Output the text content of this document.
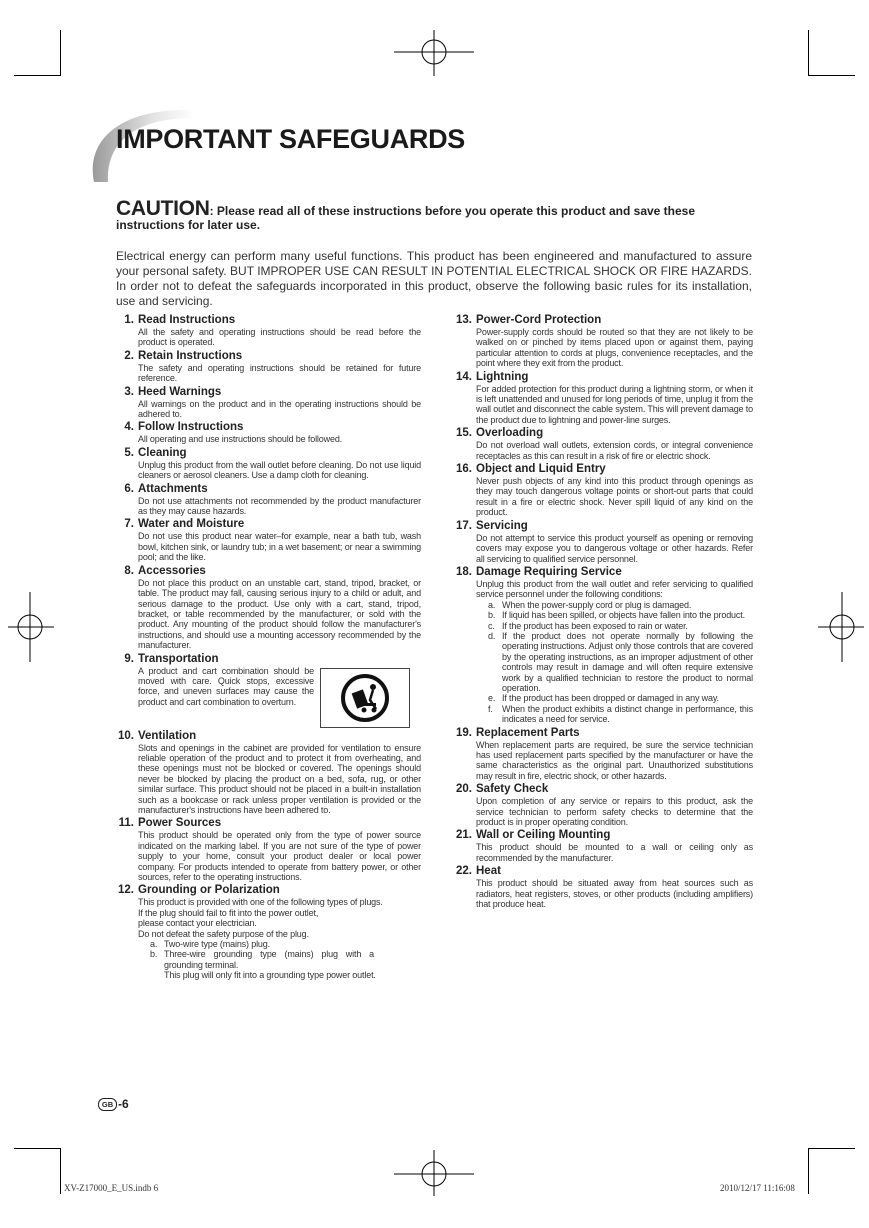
IMPORTANT SAFEGUARDS
CAUTION: Please read all of these instructions before you operate this product and save these instructions for later use.
Electrical energy can perform many useful functions. This product has been engineered and manufactured to assure your personal safety. BUT IMPROPER USE CAN RESULT IN POTENTIAL ELECTRICAL SHOCK OR FIRE HAZARDS. In order not to defeat the safeguards incorporated in this product, observe the following basic rules for its installation, use and servicing.
1. Read Instructions
All the safety and operating instructions should be read before the product is operated.
2. Retain Instructions
The safety and operating instructions should be retained for future reference.
3. Heed Warnings
All warnings on the product and in the operating instructions should be adhered to.
4. Follow Instructions
All operating and use instructions should be followed.
5. Cleaning
Unplug this product from the wall outlet before cleaning. Do not use liquid cleaners or aerosol cleaners. Use a damp cloth for cleaning.
6. Attachments
Do not use attachments not recommended by the product manufacturer as they may cause hazards.
7. Water and Moisture
Do not use this product near water–for example, near a bath tub, wash bowl, kitchen sink, or laundry tub; in a wet basement; or near a swimming pool; and the like.
8. Accessories
Do not place this product on an unstable cart, stand, tripod, bracket, or table. The product may fall, causing serious injury to a child or adult, and serious damage to the product. Use only with a cart, stand, tripod, bracket, or table recommended by the manufacturer, or sold with the product. Any mounting of the product should follow the manufacturer's instructions, and should use a mounting accessory recommended by the manufacturer.
9. Transportation
A product and cart combination should be moved with care. Quick stops, excessive force, and uneven surfaces may cause the product and cart combination to overturn.
10. Ventilation
Slots and openings in the cabinet are provided for ventilation to ensure reliable operation of the product and to protect it from overheating, and these openings must not be blocked or covered. The openings should never be blocked by placing the product on a bed, sofa, rug, or other similar surface. This product should not be placed in a built-in installation such as a bookcase or rack unless proper ventilation is provided or the manufacturer's instructions have been adhered to.
11. Power Sources
This product should be operated only from the type of power source indicated on the marking label. If you are not sure of the type of power supply to your home, consult your product dealer or local power company. For products intended to operate from battery power, or other sources, refer to the operating instructions.
12. Grounding or Polarization
This product is provided with one of the following types of plugs.
If the plug should fail to fit into the power outlet,
please contact your electrician.
Do not defeat the safety purpose of the plug.
a. Two-wire type (mains) plug.
b. Three-wire grounding type (mains) plug with a grounding terminal.
This plug will only fit into a grounding type power outlet.
13. Power-Cord Protection
Power-supply cords should be routed so that they are not likely to be walked on or pinched by items placed upon or against them, paying particular attention to cords at plugs, convenience receptacles, and the point where they exit from the product.
14. Lightning
For added protection for this product during a lightning storm, or when it is left unattended and unused for long periods of time, unplug it from the wall outlet and disconnect the cable system. This will prevent damage to the product due to lightning and power-line surges.
15. Overloading
Do not overload wall outlets, extension cords, or integral convenience receptacles as this can result in a risk of fire or electric shock.
16. Object and Liquid Entry
Never push objects of any kind into this product through openings as they may touch dangerous voltage points or short-out parts that could result in a fire or electric shock. Never spill liquid of any kind on the product.
17. Servicing
Do not attempt to service this product yourself as opening or removing covers may expose you to dangerous voltage or other hazards. Refer all servicing to qualified service personnel.
18. Damage Requiring Service
Unplug this product from the wall outlet and refer servicing to qualified service personnel under the following conditions:
a. When the power-supply cord or plug is damaged.
b. If liquid has been spilled, or objects have fallen into the product.
c. If the product has been exposed to rain or water.
d. If the product does not operate normally by following the operating instructions. Adjust only those controls that are covered by the operating instructions, as an improper adjustment of other controls may result in damage and will often require extensive work by a qualified technician to restore the product to normal operation.
e. If the product has been dropped or damaged in any way.
f. When the product exhibits a distinct change in performance, this indicates a need for service.
19. Replacement Parts
When replacement parts are required, be sure the service technician has used replacement parts specified by the manufacturer or have the same characteristics as the original part. Unauthorized substitutions may result in fire, electric shock, or other hazards.
20. Safety Check
Upon completion of any service or repairs to this product, ask the service technician to perform safety checks to determine that the product is in proper operating condition.
21. Wall or Ceiling Mounting
This product should be mounted to a wall or ceiling only as recommended by the manufacturer.
22. Heat
This product should be situated away from heat sources such as radiators, heat registers, stoves, or other products (including amplifiers) that produce heat.
GB -6
XV-Z17000_E_US.indb 6	2010/12/17 11:16:08
